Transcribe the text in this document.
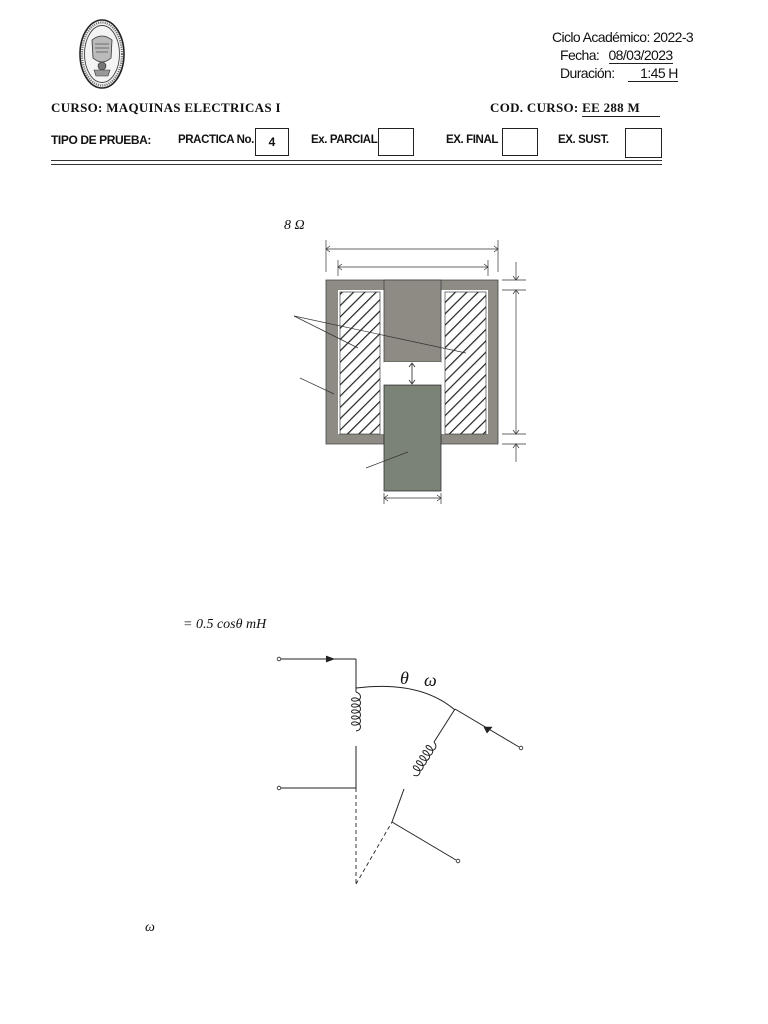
Ciclo Académico: 2022-3
Fecha: 08/03/2023
Duración: 1:45 H
CURSO: MAQUINAS ELECTRICAS I	COD. CURSO: EE 288 M
TIPO DE PRUEBA: PRACTICA No.	4	Ex. PARCIAL	EX. FINAL	EX. SUST.
8 Ω
= 0.5 cosθ mH
θ ω
ω
